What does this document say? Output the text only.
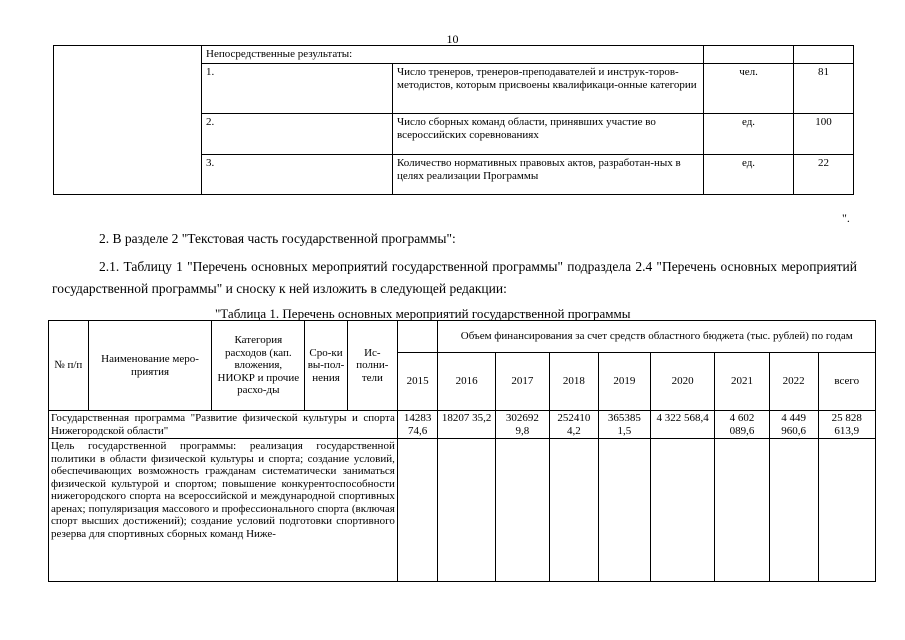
10
	Непосредственные результаты:			
	1.	Число тренеров, тренеров-преподавателей и инструк-торов-методистов, которым присвоены квалификаци-онные категории	чел.	81
	2.	Число сборных команд области, принявших участие во всероссийских соревнованиях	ед.	100
	3.	Количество нормативных правовых актов, разработан-ных в целях реализации Программы	ед.	22
".
2. В разделе 2 "Текстовая часть государственной программы":
2.1. Таблицу 1 "Перечень основных мероприятий государственной программы" подраздела 2.4 "Перечень основных мероприятий государственной программы" и сноску к ней изложить в следующей редакции:
"Таблица 1. Перечень основных мероприятий государственной программы
№ п/п	Наименование меро-приятия	Категория расходов (кап. вложения, НИОКР и прочие расхо-ды	Сро-ки вы-пол-нения	Ис-полни-тели		Объем финансирования за счет средств областного бюджета (тыс. рублей) по годам							
					2015	2016	2017	2018	2019	2020	2021	2022	всего
Государственная программа "Развитие физической культуры и спорта Нижегородской области"					14283 74,6	18207 35,2	302692 9,8	252410 4,2	365385 1,5	4 322 568,4	4 602 089,6	4 449 960,6	25 828 613,9
Цель государственной программы: реализация государственной политики в области физической культуры и спорта; создание условий, обеспечивающих возможность гражданам систематически заниматься физической культурой и спортом; повышение конкурентоспособности нижегородского спорта на всероссийской и международной спортивных аренах; популяризация массового и профессионального спорта (включая спорт высших достижений); создание условий подготовки спортивного резерва для спортивных сборных команд Ниже-													
